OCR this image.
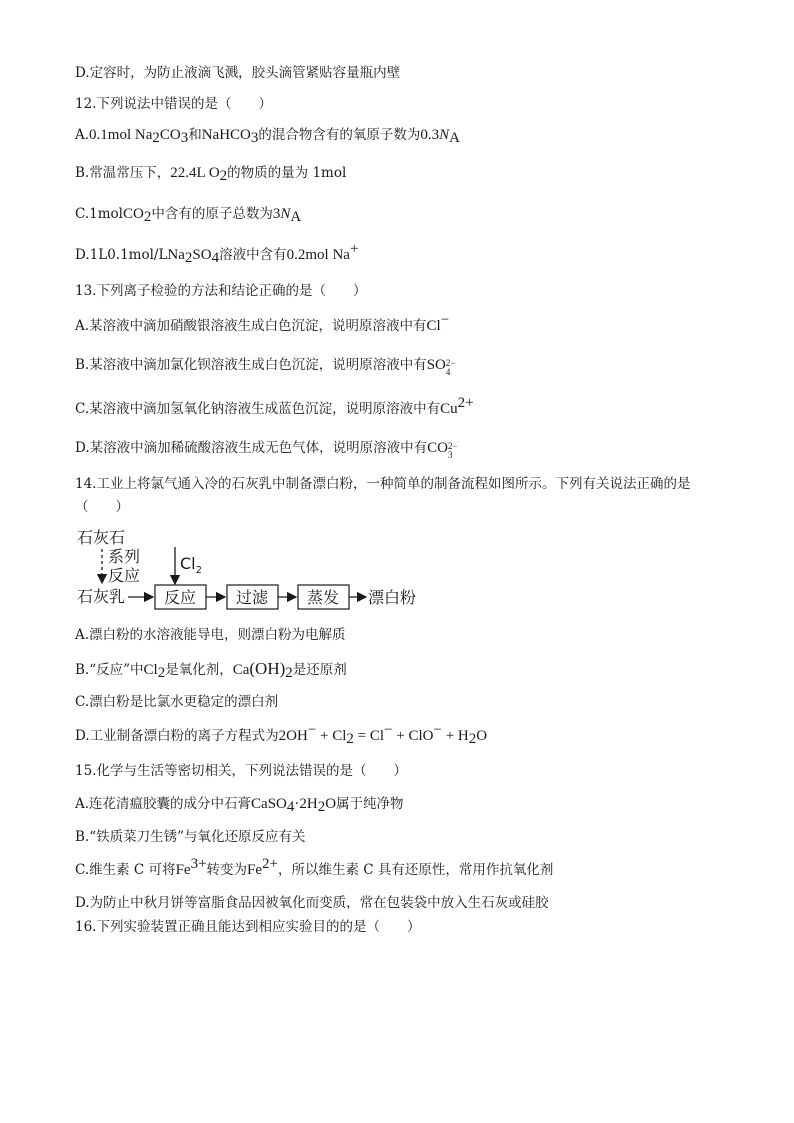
D.定容时，为防止液滴飞溅，胶头滴管紧贴容量瓶内壁
12.下列说法中错误的是（　　）
A.0.1mol $Na_2CO_3$和NaHCO$_3$的混合物含有的氧原子数为$0.3N_A$
B.常温常压下，22.4L $O_2$的物质的量为 1mol
C.1molCO$_2$中含有的原子总数为$3N_A$
$D.1L0.1mol/LNa_2SO_4$溶液中含有0.2mol Na+
13.下列离子检验的方法和结论正确的是（　　）
A.某溶液中滴加硝酸银溶液生成白色沉淀，说明原溶液中有Cl−
B.某溶液中滴加氯化钡溶液生成白色沉淀，说明原溶液中有SO 2−
4
C.某溶液中滴加氢氧化钠溶液生成蓝色沉淀，说明原溶液中有$Cu^{2+}$
D.某溶液中滴加稀硫酸溶液生成无色气体，说明原溶液中有CO 2−
3
14.工业上将氯气通入冷的石灰乳中制备漂白粉，一种简单的制备流程如图所示。下列有关说法正确的是（　　）
石灰石
系列
反应
石灰乳
$Cl_2$
反应 过滤 蒸发 漂白粉
A.漂白粉的水溶液能导电，则漂白粉为电解质
B.“反应”中$Cl_2$是氧化剂，$Ca(OH)_2$是还原剂
C.漂白粉是比氯水更稳定的漂白剂
D.工业制备漂白粉的离子方程式为$2OH^- + Cl_2 = Cl^- + ClO^- + H_2O$
15.化学与生活等密切相关，下列说法错误的是（　　）
A.连花清瘟胶囊的成分中石膏$CaSO_4\cdot 2H_2O$属于纯净物
B.“铁质菜刀生锈”与氧化还原反应有关
C.维生素 C 可将$Fe^{3+}$转变为$Fe^{2+}$，所以维生素 C 具有还原性，常用作抗氧化剂
D.为防止中秋月饼等富脂食品因被氧化而变质，常在包装袋中放入生石灰或硅胶
16.下列实验装置正确且能达到相应实验目的的是（　　）
